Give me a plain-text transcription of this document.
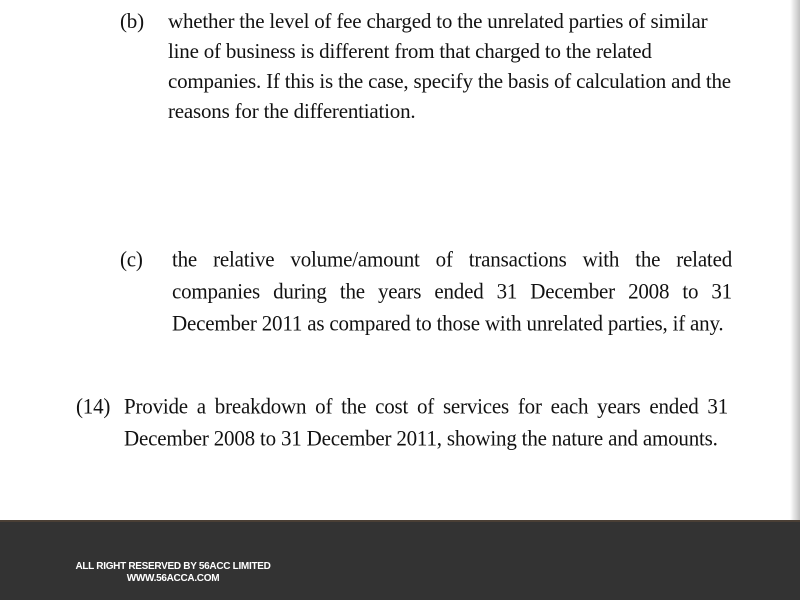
(b) whether the level of fee charged to the unrelated parties of similar line of business is different from that charged to the related companies. If this is the case, specify the basis of calculation and the reasons for the differentiation.
(c) the relative volume/amount of transactions with the related companies during the years ended 31 December 2008 to 31 December 2011 as compared to those with unrelated parties, if any.
(14) Provide a breakdown of the cost of services for each years ended 31 December 2008 to 31 December 2011, showing the nature and amounts.
ALL RIGHT RESERVED BY 56ACC LIMITED
WWW.56ACCA.COM
